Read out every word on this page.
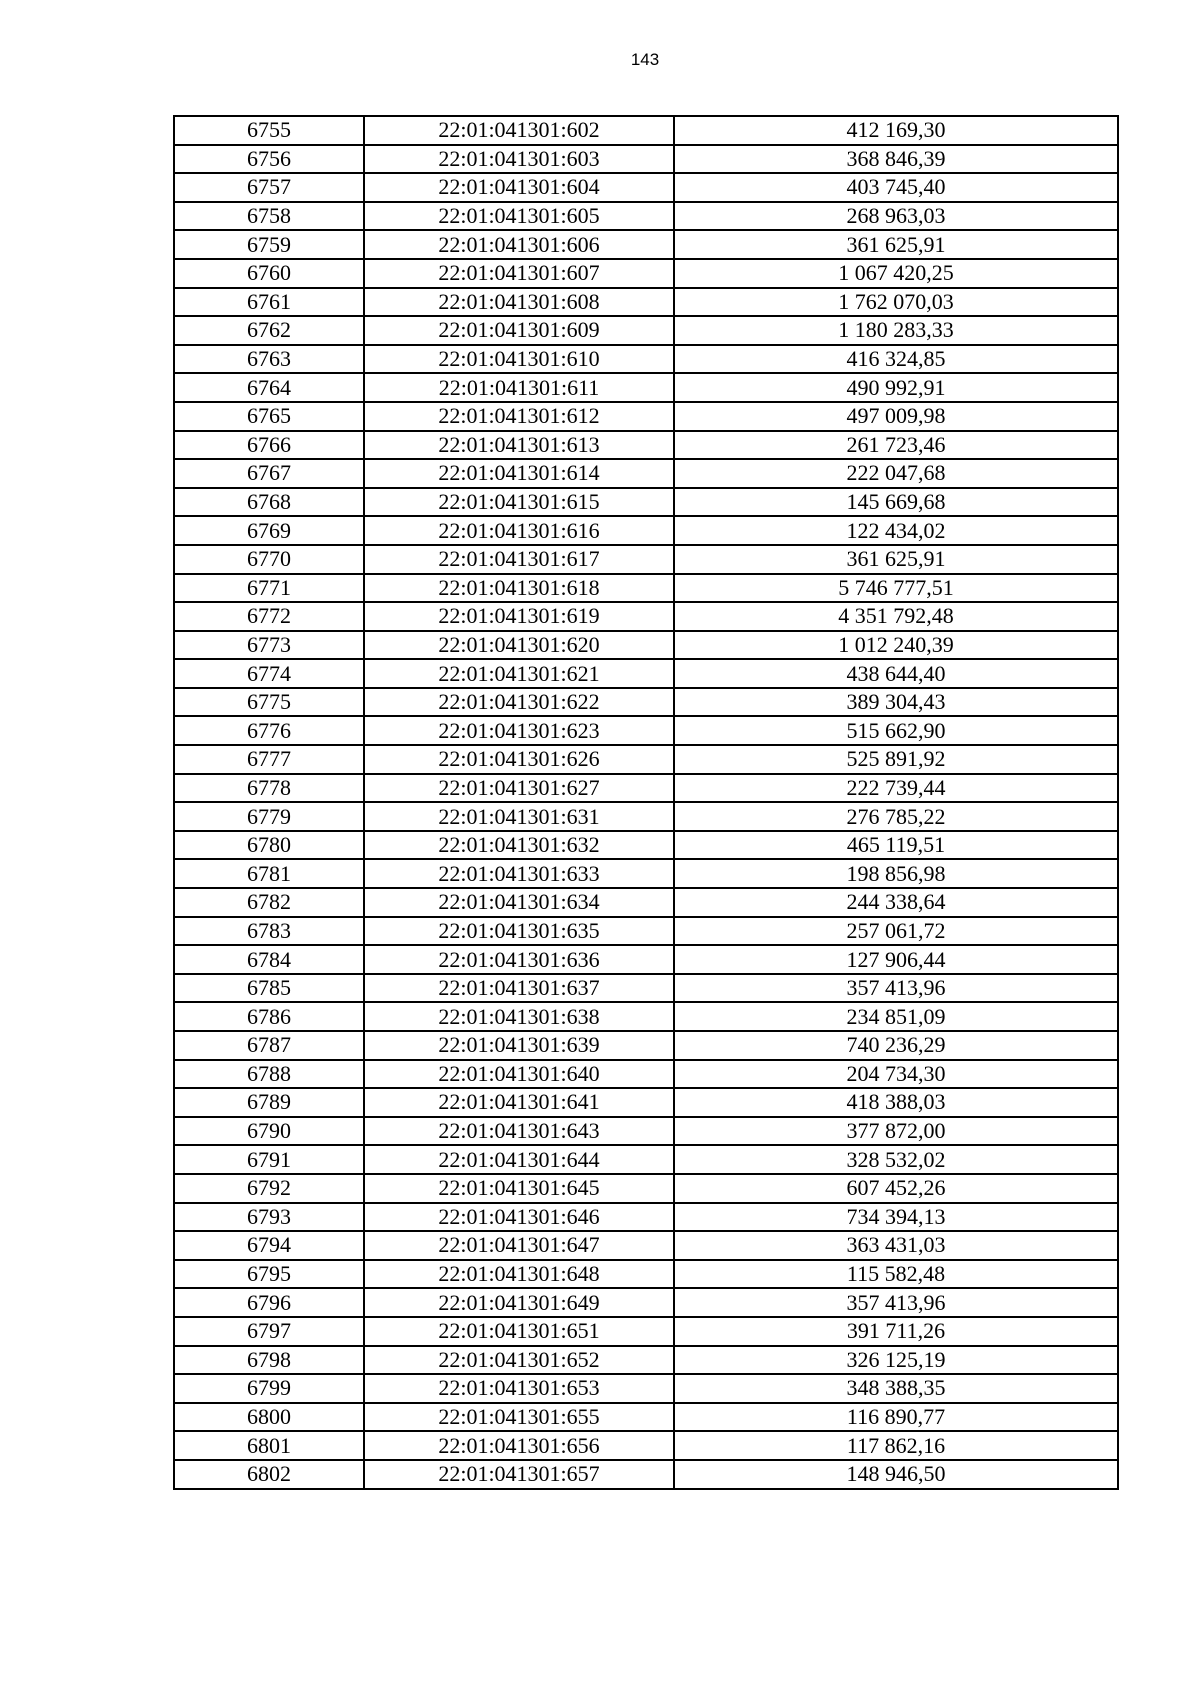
143
6755	22:01:041301:602	412 169,30
6756	22:01:041301:603	368 846,39
6757	22:01:041301:604	403 745,40
6758	22:01:041301:605	268 963,03
6759	22:01:041301:606	361 625,91
6760	22:01:041301:607	1 067 420,25
6761	22:01:041301:608	1 762 070,03
6762	22:01:041301:609	1 180 283,33
6763	22:01:041301:610	416 324,85
6764	22:01:041301:611	490 992,91
6765	22:01:041301:612	497 009,98
6766	22:01:041301:613	261 723,46
6767	22:01:041301:614	222 047,68
6768	22:01:041301:615	145 669,68
6769	22:01:041301:616	122 434,02
6770	22:01:041301:617	361 625,91
6771	22:01:041301:618	5 746 777,51
6772	22:01:041301:619	4 351 792,48
6773	22:01:041301:620	1 012 240,39
6774	22:01:041301:621	438 644,40
6775	22:01:041301:622	389 304,43
6776	22:01:041301:623	515 662,90
6777	22:01:041301:626	525 891,92
6778	22:01:041301:627	222 739,44
6779	22:01:041301:631	276 785,22
6780	22:01:041301:632	465 119,51
6781	22:01:041301:633	198 856,98
6782	22:01:041301:634	244 338,64
6783	22:01:041301:635	257 061,72
6784	22:01:041301:636	127 906,44
6785	22:01:041301:637	357 413,96
6786	22:01:041301:638	234 851,09
6787	22:01:041301:639	740 236,29
6788	22:01:041301:640	204 734,30
6789	22:01:041301:641	418 388,03
6790	22:01:041301:643	377 872,00
6791	22:01:041301:644	328 532,02
6792	22:01:041301:645	607 452,26
6793	22:01:041301:646	734 394,13
6794	22:01:041301:647	363 431,03
6795	22:01:041301:648	115 582,48
6796	22:01:041301:649	357 413,96
6797	22:01:041301:651	391 711,26
6798	22:01:041301:652	326 125,19
6799	22:01:041301:653	348 388,35
6800	22:01:041301:655	116 890,77
6801	22:01:041301:656	117 862,16
6802	22:01:041301:657	148 946,50
